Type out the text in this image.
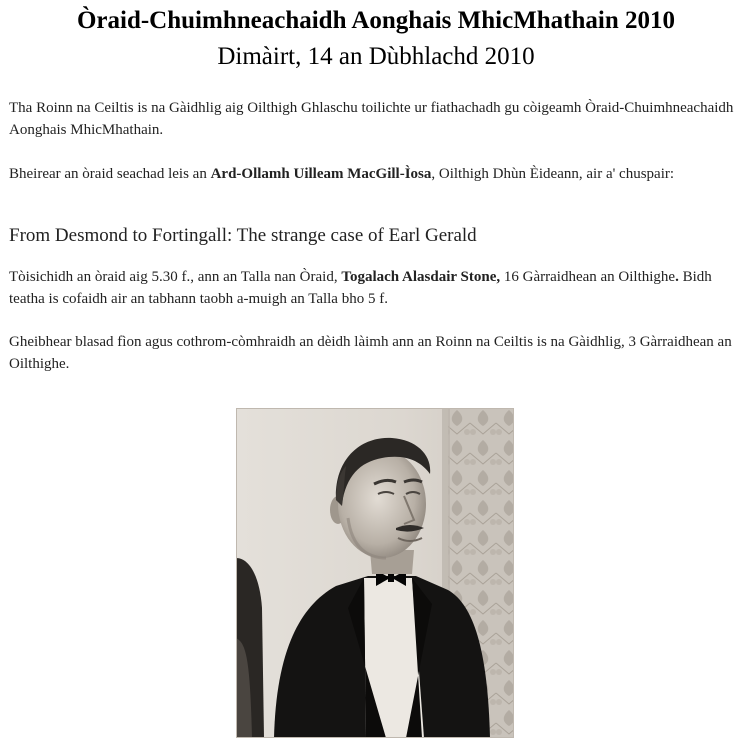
Òraid-Chuimhneachaidh Aonghais MhicMhathain 2010
Dimàirt, 14 an Dùbhlachd 2010

Tha Roinn na Ceiltis is na Gàidhlig aig Oilthigh Ghlaschu toilichte ur fiathachadh gu còigeamh Òraid-Chuimhneachaidh Aonghais MhicMhathain.

Bheirear an òraid seachad leis an Ard-Ollamh Uilleam MacGill-Ìosa, Oilthigh Dhùn Èideann, air a' chuspair:

From Desmond to Fortingall: The strange case of Earl Gerald

Tòisichidh an òraid aig 5.30 f., ann an Talla nan Òraid, Togalach Alasdair Stone, 16 Gàrraidhean an Oilthighe. Bidh teatha is cofaidh air an tabhann taobh a-muigh an Talla bho 5 f.

Gheibhear blasad fìon agus cothrom-còmhraidh an dèidh làimh ann an Roinn na Ceiltis is na Gàidhlig, 3 Gàrraidhean an Oilthighe.
